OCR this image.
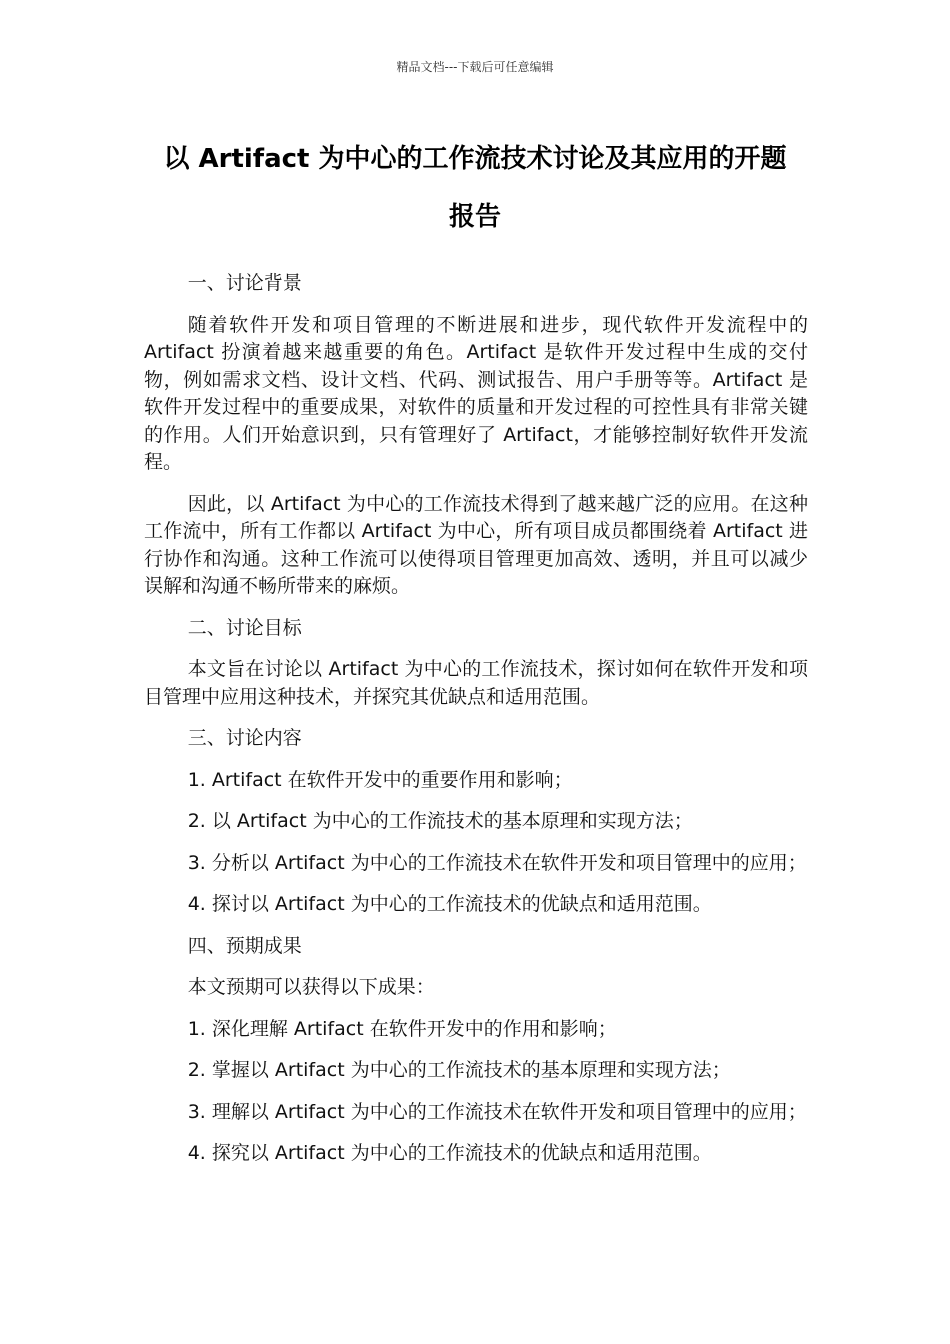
精品文档---下载后可任意编辑
以 Artifact 为中心的工作流技术讨论及其应用的开题
报告

一、讨论背景

随着软件开发和项目管理的不断进展和进步，现代软件开发流程中的 Artifact 扮演着越来越重要的角色。Artifact 是软件开发过程中生成的交付物，例如需求文档、设计文档、代码、测试报告、用户手册等等。Artifact 是软件开发过程中的重要成果，对软件的质量和开发过程的可控性具有非常关键的作用。人们开始意识到，只有管理好了 Artifact，才能够控制好软件开发流程。

因此，以 Artifact 为中心的工作流技术得到了越来越广泛的应用。在这种工作流中，所有工作都以 Artifact 为中心，所有项目成员都围绕着 Artifact 进行协作和沟通。这种工作流可以使得项目管理更加高效、透明，并且可以减少误解和沟通不畅所带来的麻烦。

二、讨论目标

本文旨在讨论以 Artifact 为中心的工作流技术，探讨如何在软件开发和项目管理中应用这种技术，并探究其优缺点和适用范围。

三、讨论内容

1. Artifact 在软件开发中的重要作用和影响；

2. 以 Artifact 为中心的工作流技术的基本原理和实现方法；

3. 分析以 Artifact 为中心的工作流技术在软件开发和项目管理中的应用；

4. 探讨以 Artifact 为中心的工作流技术的优缺点和适用范围。

四、预期成果

本文预期可以获得以下成果：

1. 深化理解 Artifact 在软件开发中的作用和影响；

2. 掌握以 Artifact 为中心的工作流技术的基本原理和实现方法；

3. 理解以 Artifact 为中心的工作流技术在软件开发和项目管理中的应用；

4. 探究以 Artifact 为中心的工作流技术的优缺点和适用范围。
